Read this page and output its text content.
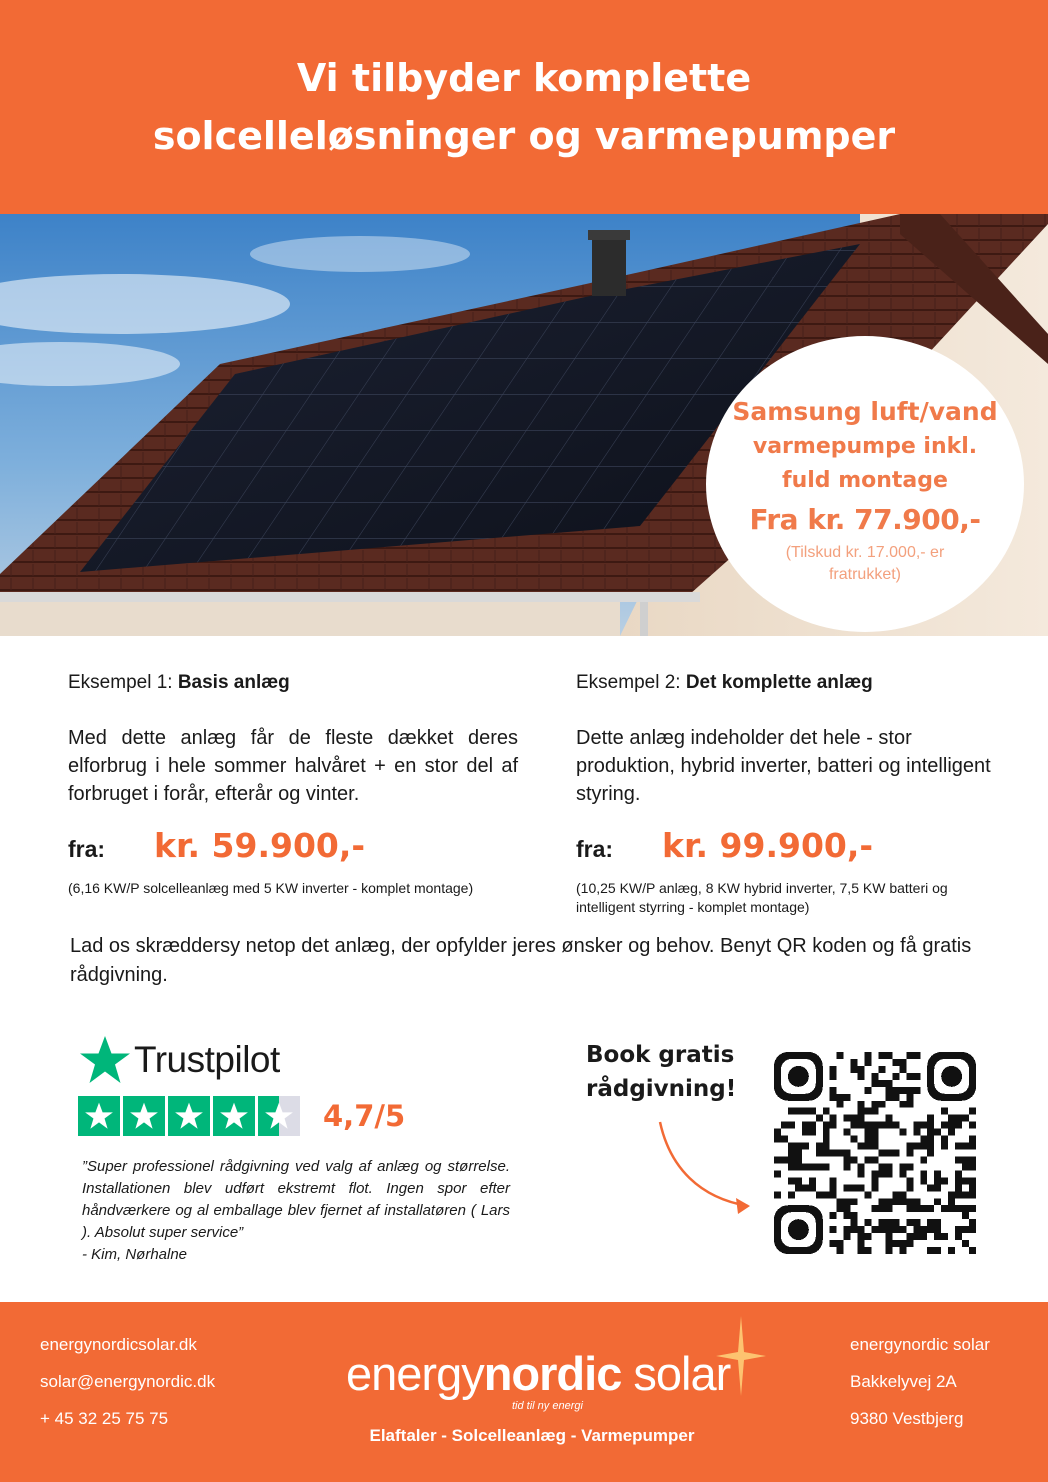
Vi tilbyder komplette solcelleløsninger og varmepumper
Samsung luft/vand
varmepumpe inkl.
fuld montage
Fra kr. 77.900,-
(Tilskud kr. 17.000,- er fratrukket)
Eksempel 1: Basis anlæg
Med dette anlæg får de fleste dækket deres elforbrug i hele sommer halvåret + en stor del af forbruget i forår, efterår og vinter.
fra:	kr. 59.900,-
(6,16 KW/P solcelleanlæg med 5 KW inverter - komplet montage)
Eksempel 2: Det komplette anlæg
Dette anlæg indeholder det hele - stor produktion, hybrid inverter, batteri og intelligent styring.
fra:	kr. 99.900,-
(10,25 KW/P anlæg, 8 KW hybrid inverter, 7,5 KW batteri og intelligent styrring - komplet montage)
Lad os skræddersy netop det anlæg, der opfylder jeres ønsker og behov. Benyt QR koden og få gratis rådgivning.
Trustpilot
4,7/5
”Super professionel rådgivning ved valg af anlæg og størrelse. Installationen blev udført ekstremt flot. Ingen spor efter håndværkere og al emballage blev fjernet af installatøren ( Lars ). Absolut super service”
- Kim, Nørhalne
Book gratis
rådgivning!
energynordicsolar.dk
solar@energynordic.dk
+ 45 32 25 75 75
energynordic solar
tid til ny energi
Elaftaler - Solcelleanlæg - Varmepumper
energynordic solar
Bakkelyvej 2A
9380 Vestbjerg
